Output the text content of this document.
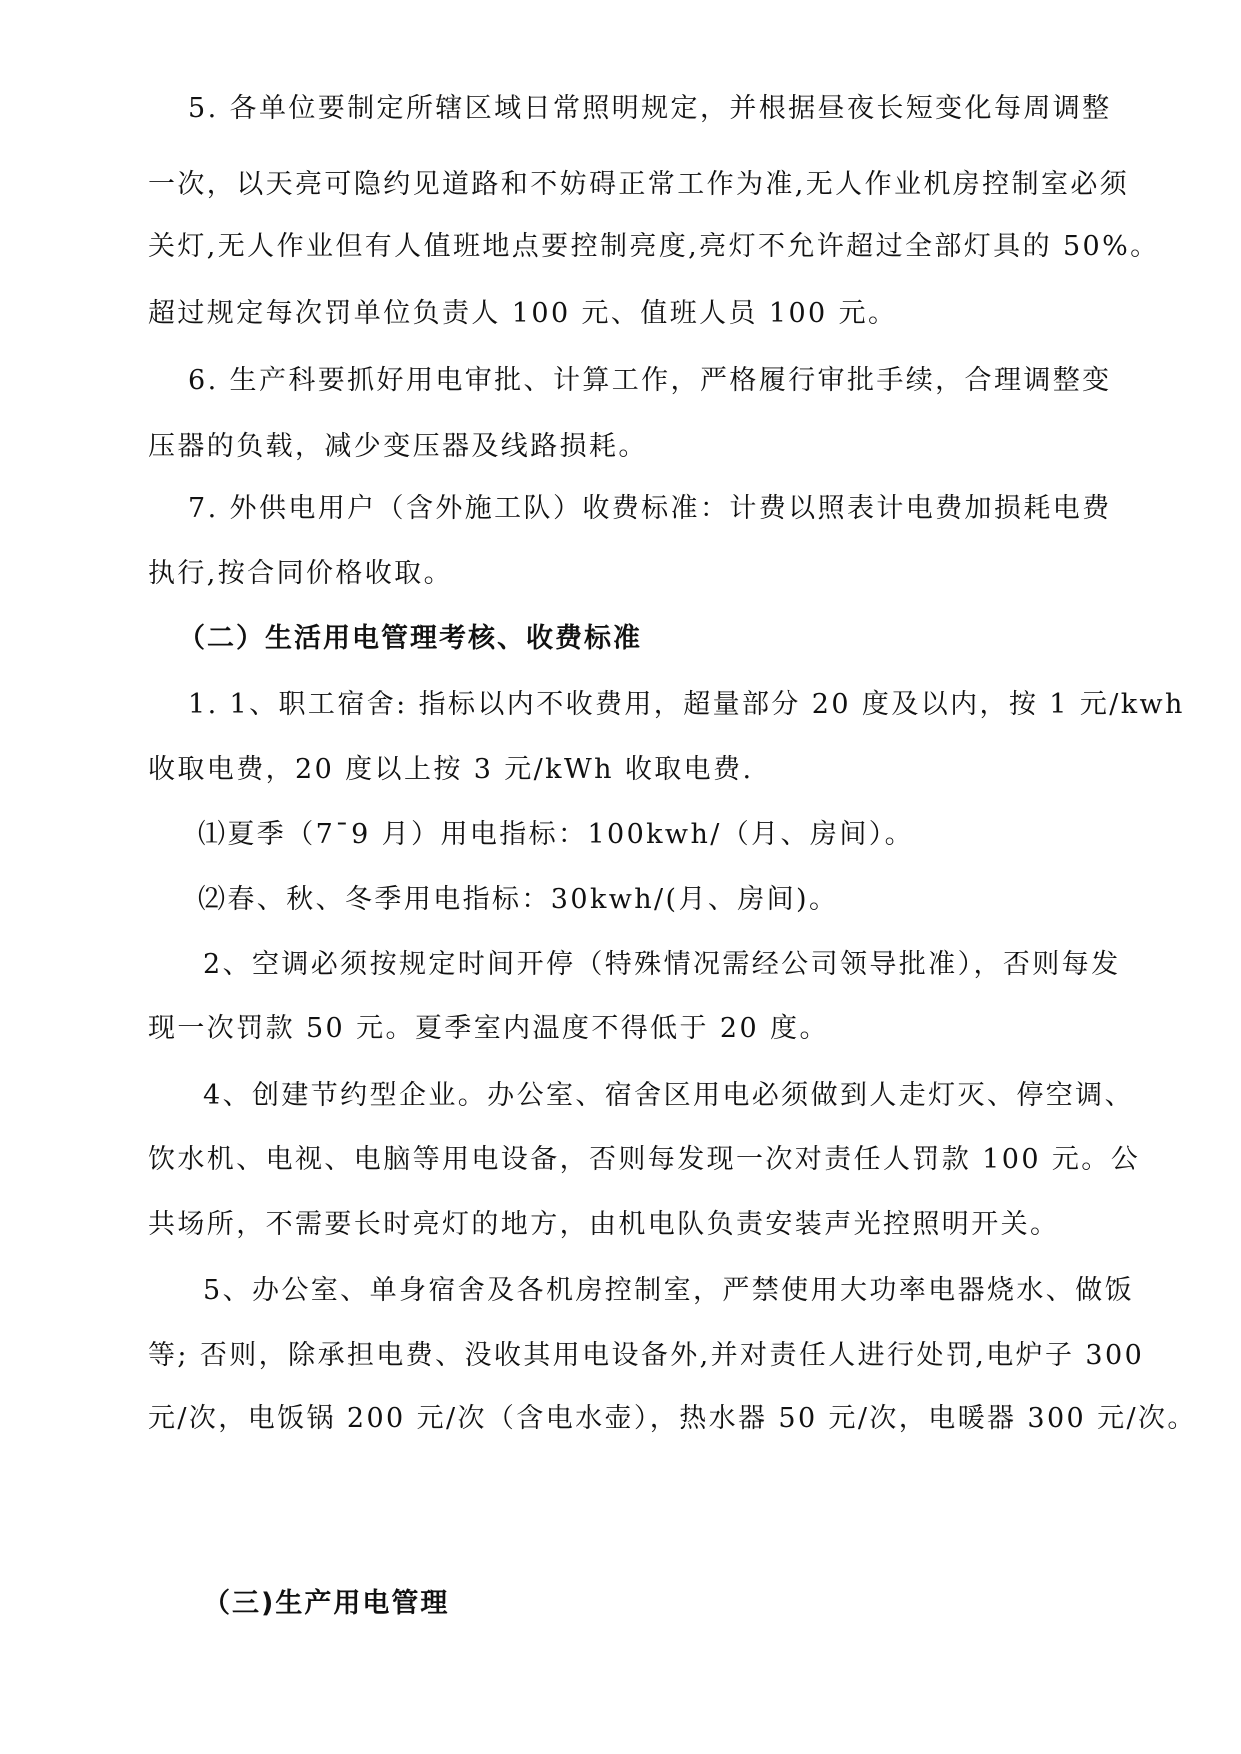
5. 各单位要制定所辖区域日常照明规定，并根据昼夜长短变化每周调整

一次，以天亮可隐约见道路和不妨碍正常工作为准,无人作业机房控制室必须

关灯,无人作业但有人值班地点要控制亮度,亮灯不允许超过全部灯具的 50%。

超过规定每次罚单位负责人 100 元、值班人员 100 元。

6. 生产科要抓好用电审批、计算工作，严格履行审批手续，合理调整变

压器的负载，减少变压器及线路损耗。

7. 外供电用户（含外施工队）收费标准：计费以照表计电费加损耗电费

执行,按合同价格收取。

（二）生活用电管理考核、收费标准

1. 1、职工宿舍: 指标以内不收费用，超量部分 20 度及以内，按 1 元/kwh

收取电费，20 度以上按 3 元/kWh 收取电费.

⑴夏季（7¯9 月）用电指标：100kwh/（月、房间）。

⑵春、秋、冬季用电指标：30kwh/(月、房间)。

2、空调必须按规定时间开停（特殊情况需经公司领导批准），否则每发

现一次罚款 50 元。夏季室内温度不得低于 20 度。

4、创建节约型企业。办公室、宿舍区用电必须做到人走灯灭、停空调、

饮水机、电视、电脑等用电设备，否则每发现一次对责任人罚款 100 元。公

共场所，不需要长时亮灯的地方，由机电队负责安装声光控照明开关。

5、办公室、单身宿舍及各机房控制室，严禁使用大功率电器烧水、做饭

等; 否则，除承担电费、没收其用电设备外,并对责任人进行处罚,电炉子 300

元/次，电饭锅 200 元/次（含电水壶），热水器 50 元/次，电暖器 300 元/次。

（三)生产用电管理
